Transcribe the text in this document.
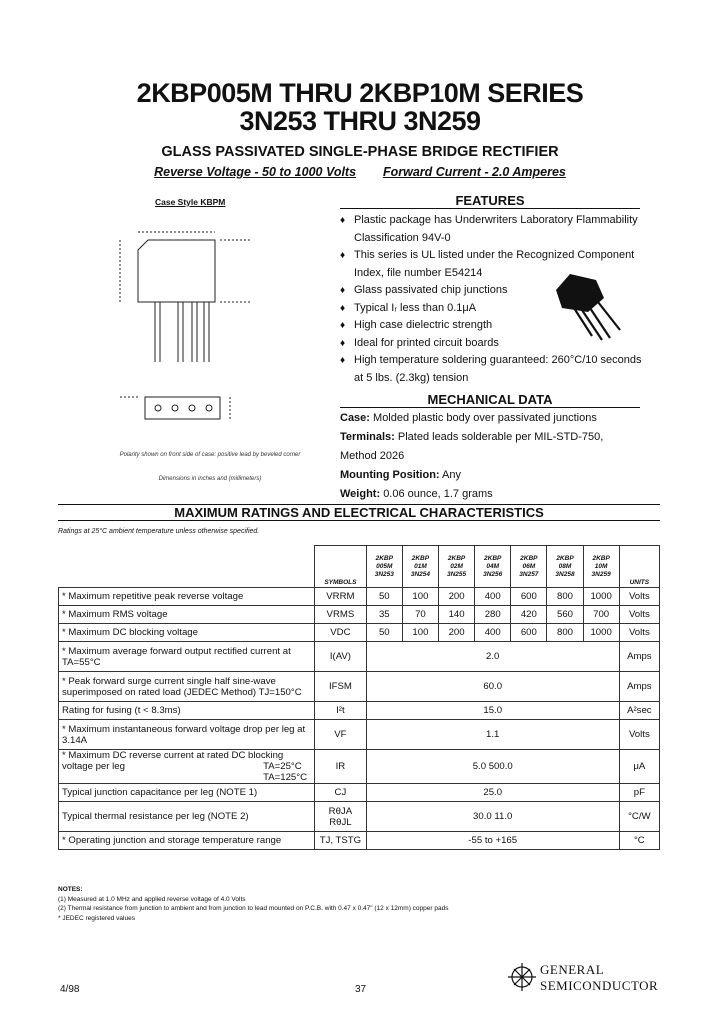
2KBP005M THRU 2KBP10M SERIES
3N253 THRU 3N259
GLASS PASSIVATED SINGLE-PHASE BRIDGE RECTIFIER
Reverse Voltage - 50 to 1000 Volts Forward Current - 2.0 Amperes
Case Style KBPM
Polarity shown on front side of case: positive lead by beveled corner
Dimensions in inches and (millimeters)
FEATURES
♦ Plastic package has Underwriters Laboratory Flammability Classification 94V-0
♦ This series is UL listed under the Recognized Component Index, file number E54214
♦ Glass passivated chip junctions
♦ Typical Iᵣ less than 0.1μA
♦ High case dielectric strength
♦ Ideal for printed circuit boards
♦ High temperature soldering guaranteed: 260°C/10 seconds at 5 lbs. (2.3kg) tension
MECHANICAL DATA

Case: Molded plastic body over passivated junctions

Terminals: Plated leads solderable per MIL-STD-750, Method 2026

Mounting Position: Any

Weight: 0.06 ounce, 1.7 grams

MAXIMUM RATINGS AND ELECTRICAL CHARACTERISTICS
Ratings at 25°C ambient temperature unless otherwise specified.
	SYMBOLS	2KBP
005M
3N253	2KBP
01M
3N254	2KBP
02M
3N255	2KBP
04M
3N256	2KBP
06M
3N257	2KBP
08M
3N258	2KBP
10M
3N259	UNITS
* Maximum repetitive peak reverse voltage	VRRM	50	100	200	400	600	800	1000	Volts
* Maximum RMS voltage	VRMS	35	70	140	280	420	560	700	Volts
* Maximum DC blocking voltage	VDC	50	100	200	400	600	800	1000	Volts
* Maximum average forward output rectified current at TA=55°C	I(AV)	2.0							Amps
* Peak forward surge current single half sine-wave superimposed on rated load (JEDEC Method) TJ=150°C	IFSM	60.0							Amps
Rating for fusing (t < 8.3ms)	I²t	15.0							A²sec
* Maximum instantaneous forward voltage drop per leg at 3.14A	VF	1.1							Volts
* Maximum DC reverse current at rated DC blocking voltage per leg TA=25°C TA=125°C	IR	5.0 500.0							μA
Typical junction capacitance per leg (NOTE 1)	CJ	25.0							pF
Typical thermal resistance per leg (NOTE 2)	RθJA RθJL	30.0 11.0							°C/W
* Operating junction and storage temperature range	TJ, TSTG	-55 to +165							°C
NOTES:
(1) Measured at 1.0 MHz and applied reverse voltage of 4.0 Volts
(2) Thermal resistance from junction to ambient and from junction to lead mounted on P.C.B. with 0.47 x 0.47" (12 x 12mm) copper pads
* JEDEC registered values
4/98	37
GENERAL
SEMICONDUCTOR
